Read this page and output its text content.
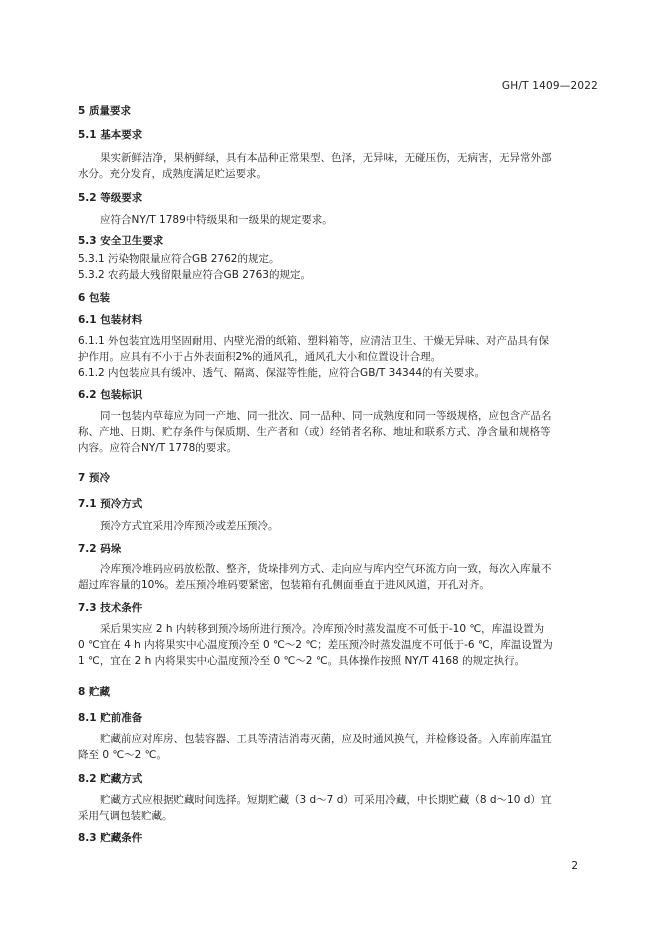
GH/T 1409—2022
5 质量要求
5.1 基本要求
果实新鲜洁净，果柄鲜绿，具有本品种正常果型、色泽，无异味，无碰压伤，无病害，无异常外部
水分。充分发育，成熟度满足贮运要求。
5.2 等级要求
应符合NY/T 1789中特级果和一级果的规定要求。
5.3 安全卫生要求
5.3.1 污染物限量应符合GB 2762的规定。
5.3.2 农药最大残留限量应符合GB 2763的规定。
6 包装
6.1 包装材料
6.1.1 外包装宜选用坚固耐用、内壁光滑的纸箱、塑料箱等，应清洁卫生、干燥无异味、对产品具有保
护作用。应具有不小于占外表面积2%的通风孔，通风孔大小和位置设计合理。
6.1.2 内包装应具有缓冲、透气、隔离、保湿等性能，应符合GB/T 34344的有关要求。
6.2 包装标识
同一包装内草莓应为同一产地、同一批次、同一品种、同一成熟度和同一等级规格，应包含产品名
称、产地、日期、贮存条件与保质期、生产者和（或）经销者名称、地址和联系方式、净含量和规格等
内容。应符合NY/T 1778的要求。
7 预冷
7.1 预冷方式
预冷方式宜采用冷库预冷或差压预冷。
7.2 码垛
冷库预冷堆码应码放松散、整齐，货垛排列方式、走向应与库内空气环流方向一致，每次入库量不
超过库容量的10%。差压预冷堆码要紧密，包装箱有孔侧面垂直于进风风道，开孔对齐。
7.3 技术条件
采后果实应 2 h 内转移到预冷场所进行预冷。冷库预冷时蒸发温度不可低于-10 ℃，库温设置为
0 ℃宜在 4 h 内将果实中心温度预冷至 0 ℃～2 ℃；差压预冷时蒸发温度不可低于-6 ℃，库温设置为
1 ℃，宜在 2 h 内将果实中心温度预冷至 0 ℃～2 ℃。具体操作按照 NY/T 4168 的规定执行。
8 贮藏
8.1 贮前准备
贮藏前应对库房、包装容器、工具等清洁消毒灭菌，应及时通风换气，并检修设备。入库前库温宜
降至 0 ℃～2 ℃。
8.2 贮藏方式
贮藏方式应根据贮藏时间选择。短期贮藏（3 d～7 d）可采用冷藏，中长期贮藏（8 d～10 d）宜
采用气调包装贮藏。
8.3 贮藏条件
2
